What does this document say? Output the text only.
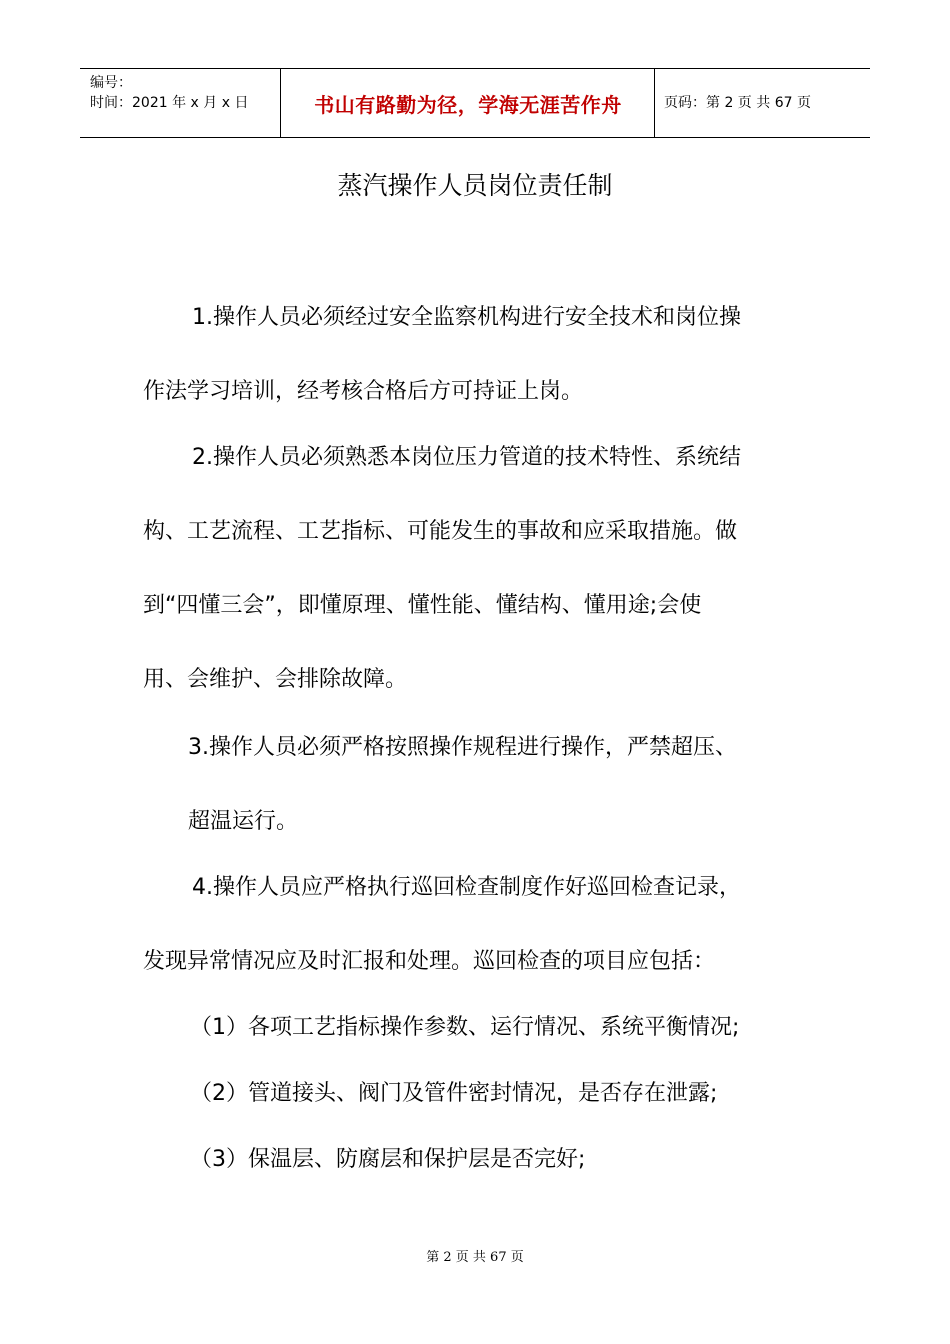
编号：
时间：2021 年 x 月 x 日	书山有路勤为径，学海无涯苦作舟	页码：第 2 页 共 67 页
蒸汽操作人员岗位责任制
1.操作人员必须经过安全监察机构进行安全技术和岗位操
作法学习培训，经考核合格后方可持证上岗。
2.操作人员必须熟悉本岗位压力管道的技术特性、系统结
构、工艺流程、工艺指标、可能发生的事故和应采取措施。做
到“四懂三会”，即懂原理、懂性能、懂结构、懂用途;会使
用、会维护、会排除故障。
3.操作人员必须严格按照操作规程进行操作，严禁超压、
超温运行。
4.操作人员应严格执行巡回检查制度作好巡回检查记录，
发现异常情况应及时汇报和处理。巡回检查的项目应包括：
（1）各项工艺指标操作参数、运行情况、系统平衡情况;
（2）管道接头、阀门及管件密封情况，是否存在泄露;
（3）保温层、防腐层和保护层是否完好;
第 2 页 共 67 页
